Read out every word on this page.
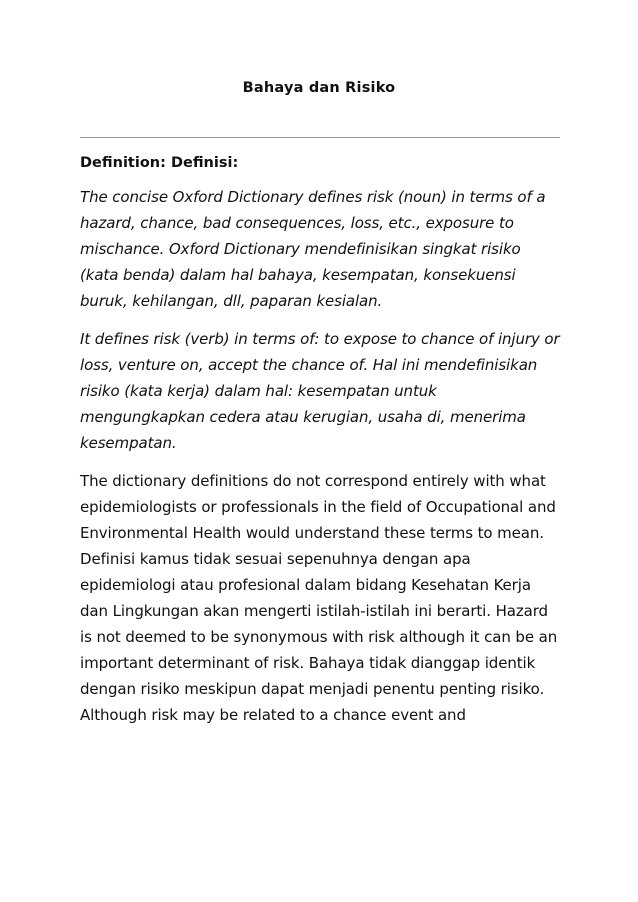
Bahaya dan Risiko
Definition: Definisi:

The concise Oxford Dictionary defines risk (noun) in terms of a hazard, chance, bad consequences, loss, etc., exposure to mischance. Oxford Dictionary mendefinisikan singkat risiko (kata benda) dalam hal bahaya, kesempatan, konsekuensi buruk, kehilangan, dll, paparan kesialan.

It defines risk (verb) in terms of: to expose to chance of injury or loss, venture on, accept the chance of. Hal ini mendefinisikan risiko (kata kerja) dalam hal: kesempatan untuk mengungkapkan cedera atau kerugian, usaha di, menerima kesempatan.

The dictionary definitions do not correspond entirely with what epidemiologists or professionals in the field of Occupational and Environmental Health would understand these terms to mean. Definisi kamus tidak sesuai sepenuhnya dengan apa epidemiologi atau profesional dalam bidang Kesehatan Kerja dan Lingkungan akan mengerti istilah-istilah ini berarti. Hazard is not deemed to be synonymous with risk although it can be an important determinant of risk. Bahaya tidak dianggap identik dengan risiko meskipun dapat menjadi penentu penting risiko. Although risk may be related to a chance event and
